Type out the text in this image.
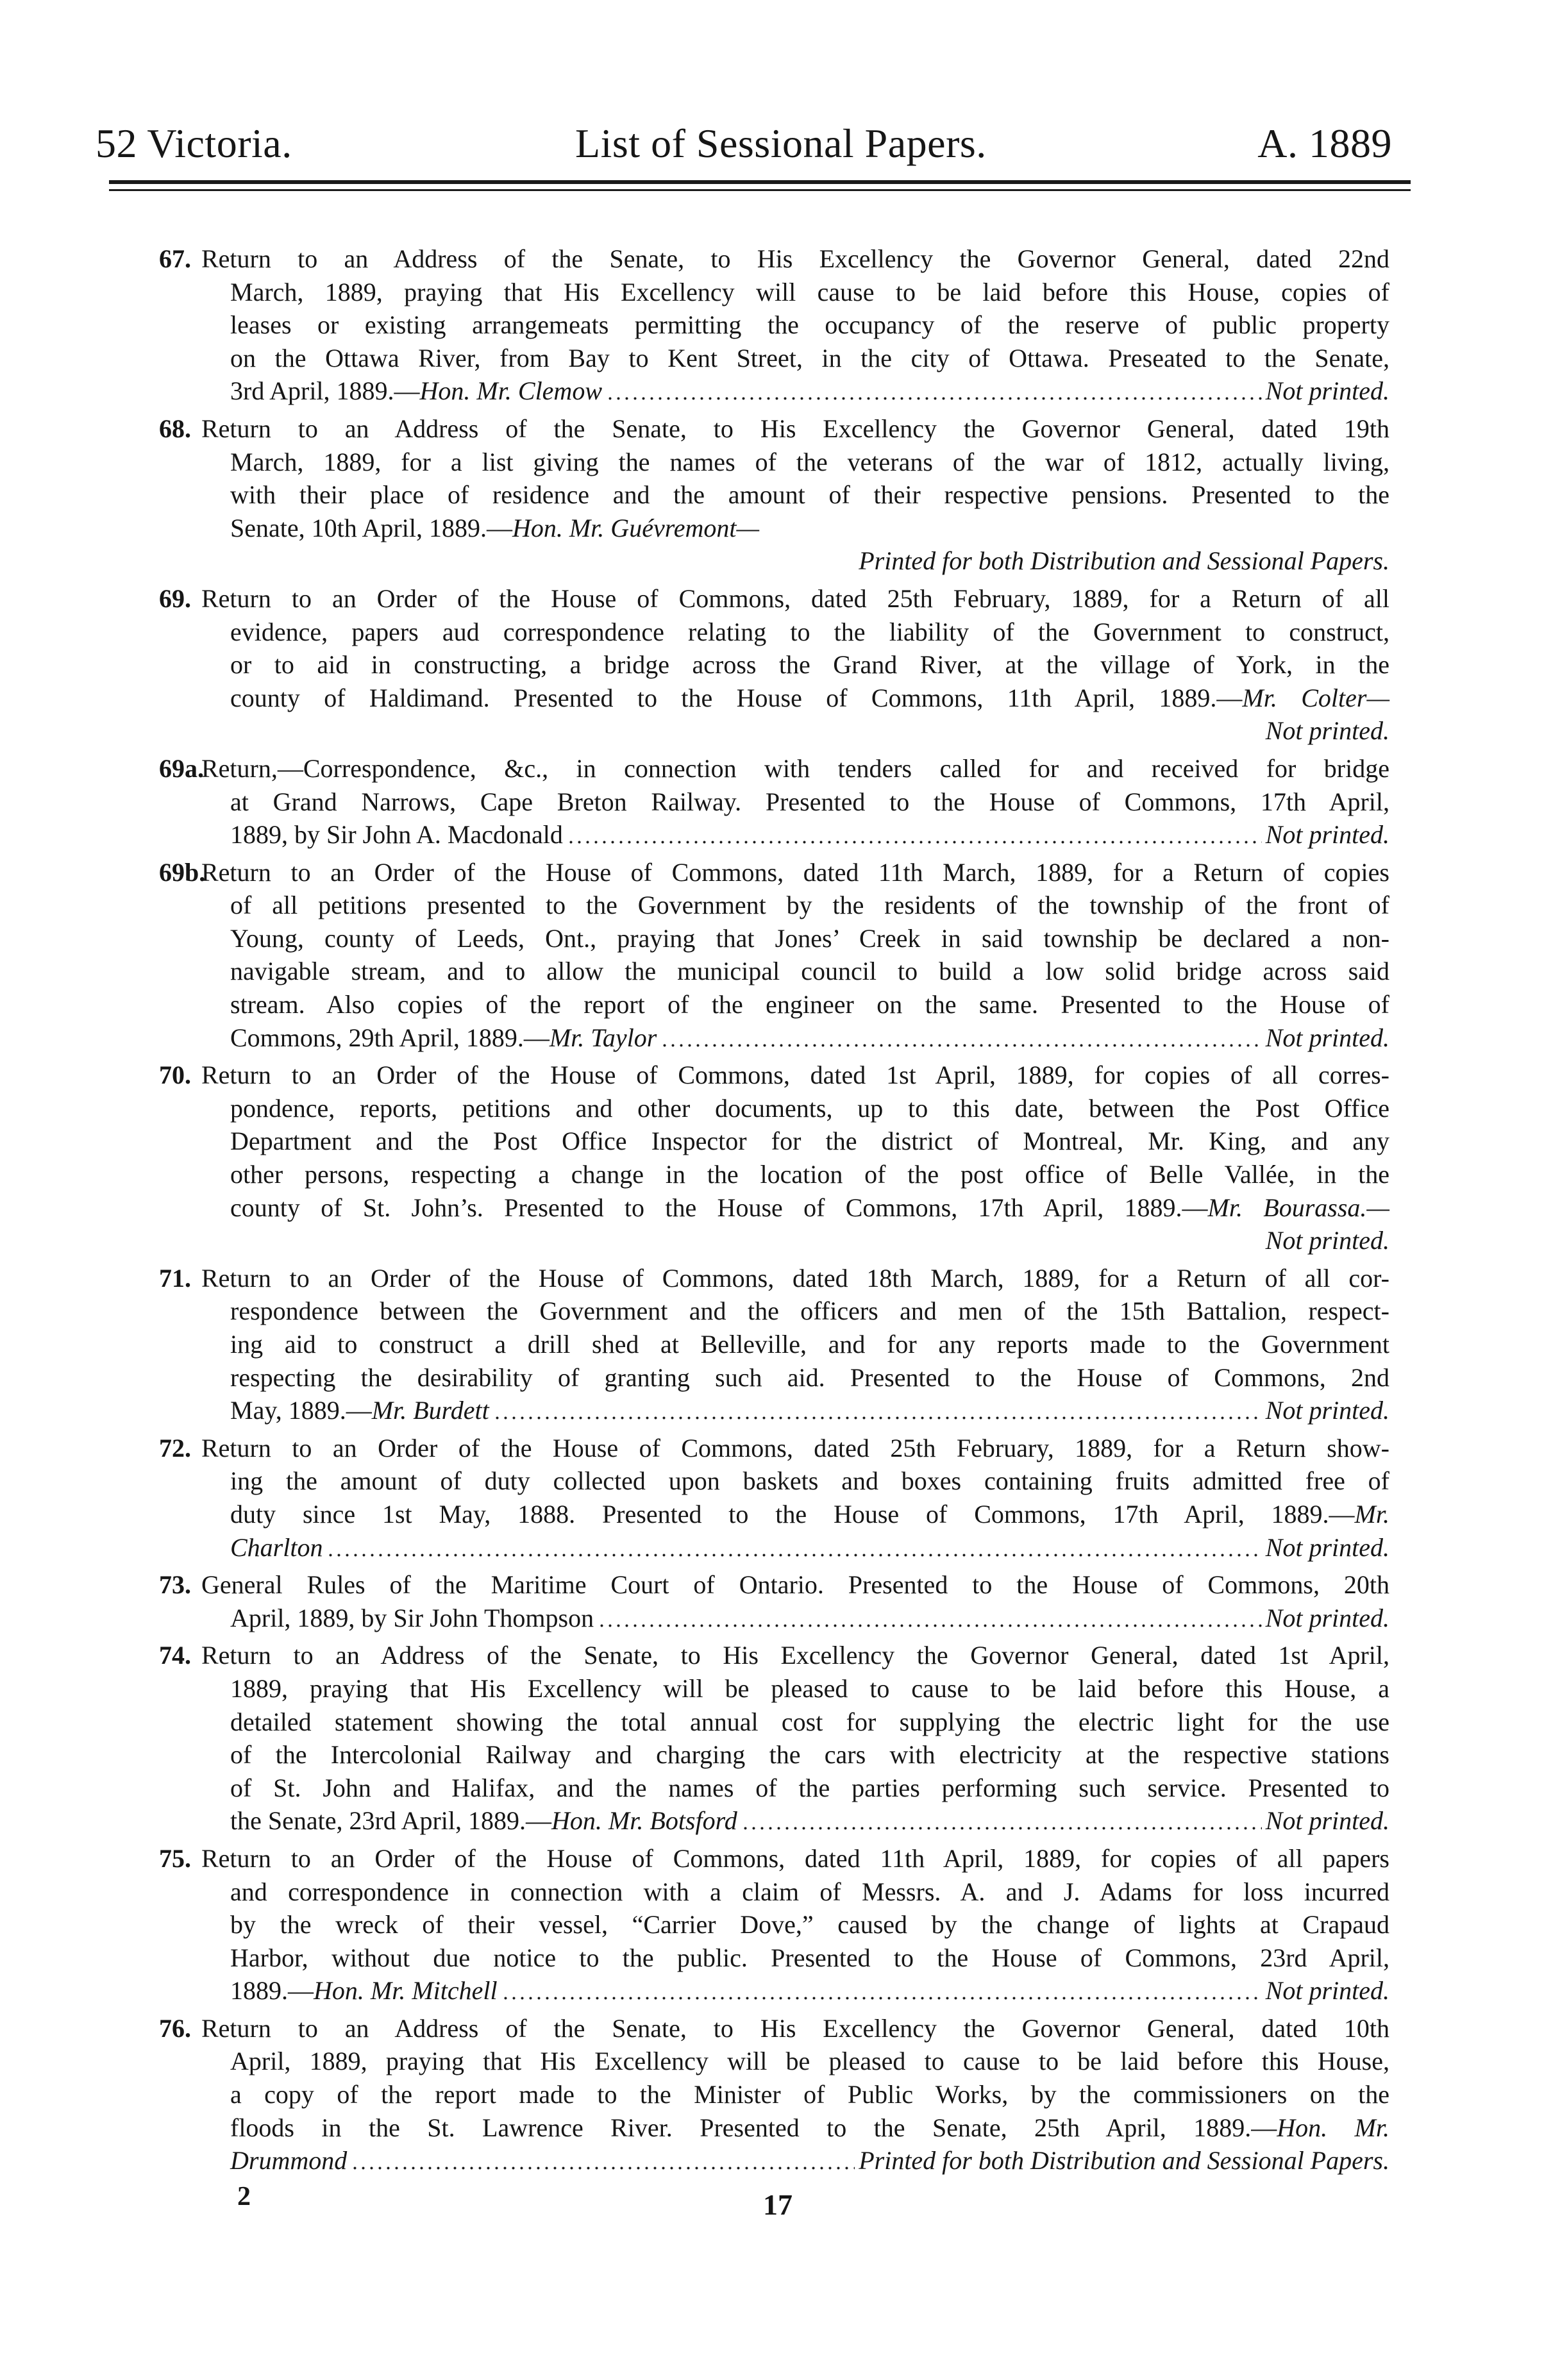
52 Victoria.	List of Sessional Papers.	A. 1889
67. Return to an Address of the Senate, to His Excellency the Governor General, dated 22nd
March, 1889, praying that His Excellency will cause to be laid before this House, copies of
leases or existing arrangemeats permitting the occupancy of the reserve of public property
on the Ottawa River, from Bay to Kent Street, in the city of Ottawa. Preseated to the Senate,
3rd April, 1889.— Hon. Mr. Clemow	Not printed.
68. Return to an Address of the Senate, to His Excellency the Governor General, dated 19th
March, 1889, for a list giving the names of the veterans of the war of 1812, actually living,
with their place of residence and the amount of their respective pensions. Presented to the
Senate, 10th April, 1889.—Hon. Mr. Guévremont—
Printed for both Distribution and Sessional Papers.
69. Return to an Order of the House of Commons, dated 25th February, 1889, for a Return of all
evidence, papers aud correspondence relating to the liability of the Government to construct,
or to aid in constructing, a bridge across the Grand River, at the village of York, in the
county of Haldimand. Presented to the House of Commons, 11th April, 1889.—Mr. Colter—
Not printed.
69a.
Return,—Correspondence, &c., in connection with tenders called for and received for bridge
at Grand Narrows, Cape Breton Railway. Presented to the House of Commons, 17th April,
1889, by Sir John A. Macdonald	Not printed.
69b.
Return to an Order of the House of Commons, dated 11th March, 1889, for a Return of copies
of all petitions presented to the Government by the residents of the township of the front of
Young, county of Leeds, Ont., praying that Jones’ Creek in said township be declared a non-
navigable stream, and to allow the municipal council to build a low solid bridge across said
stream. Also copies of the report of the engineer on the same. Presented to the House of
Commons, 29th April, 1889.— Mr. Taylor	Not printed.
70. Return to an Order of the House of Commons, dated 1st April, 1889, for copies of all corres-
pondence, reports, petitions and other documents, up to this date, between the Post Office
Department and the Post Office Inspector for the district of Montreal, Mr. King, and any
other persons, respecting a change in the location of the post office of Belle Vallée, in the
county of St. John’s. Presented to the House of Commons, 17th April, 1889.—Mr. Bourassa.—
Not printed.
71. Return to an Order of the House of Commons, dated 18th March, 1889, for a Return of all cor-
respondence between the Government and the officers and men of the 15th Battalion, respect-
ing aid to construct a drill shed at Belleville, and for any reports made to the Government
respecting the desirability of granting such aid. Presented to the House of Commons, 2nd
May, 1889.— Mr. Burdett	Not printed.
72. Return to an Order of the House of Commons, dated 25th February, 1889, for a Return show-
ing the amount of duty collected upon baskets and boxes containing fruits admitted free of
duty since 1st May, 1888. Presented to the House of Commons, 17th April, 1889.—Mr.
Charlton	Not printed.
73. General Rules of the Maritime Court of Ontario. Presented to the House of Commons, 20th
April, 1889, by Sir John Thompson	Not printed.
74. Return to an Address of the Senate, to His Excellency the Governor General, dated 1st April,
1889, praying that His Excellency will be pleased to cause to be laid before this House, a
detailed statement showing the total annual cost for supplying the electric light for the use
of the Intercolonial Railway and charging the cars with electricity at the respective stations
of St. John and Halifax, and the names of the parties performing such service. Presented to
the Senate, 23rd April, 1889.— Hon. Mr. Botsford	Not printed.
75. Return to an Order of the House of Commons, dated 11th April, 1889, for copies of all papers
and correspondence in connection with a claim of Messrs. A. and J. Adams for loss incurred
by the wreck of their vessel, “Carrier Dove,” caused by the change of lights at Crapaud
Harbor, without due notice to the public. Presented to the House of Commons, 23rd April,
1889.— Hon. Mr. Mitchell	Not printed.
76. Return to an Address of the Senate, to His Excellency the Governor General, dated 10th
April, 1889, praying that His Excellency will be pleased to cause to be laid before this House,
a copy of the report made to the Minister of Public Works, by the commissioners on the
floods in the St. Lawrence River. Presented to the Senate, 25th April, 1889.—Hon. Mr.
Drummond	Printed for both Distribution and Sessional Papers.
2	17
